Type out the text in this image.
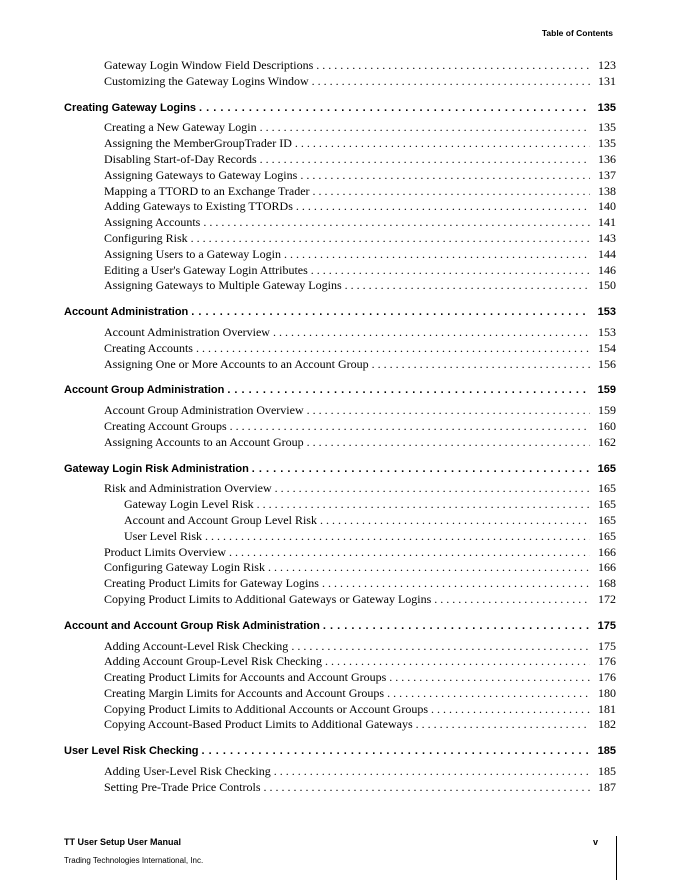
Table of Contents
Gateway Login Window Field Descriptions . . .	123
Customizing the Gateway Logins Window . . .	131
Creating Gateway Logins . . .	135
Creating a New Gateway Login . . .	135
Assigning the MemberGroupTrader ID . . .	135
Disabling Start-of-Day Records . . .	136
Assigning Gateways to Gateway Logins . . .	137
Mapping a TTORD to an Exchange Trader . . .	138
Adding Gateways to Existing TTORDs . . .	140
Assigning Accounts . . .	141
Configuring Risk . . .	143
Assigning Users to a Gateway Login . . .	144
Editing a User's Gateway Login Attributes . . .	146
Assigning Gateways to Multiple Gateway Logins . . .	150
Account Administration . . .	153
Account Administration Overview . . .	153
Creating Accounts . . .	154
Assigning One or More Accounts to an Account Group . . .	156
Account Group Administration . . .	159
Account Group Administration Overview . . .	159
Creating Account Groups . . .	160
Assigning Accounts to an Account Group . . .	162
Gateway Login Risk Administration . . .	165
Risk and Administration Overview . . .	165
Gateway Login Level Risk . . .	165
Account and Account Group Level Risk . . .	165
User Level Risk . . .	165
Product Limits Overview . . .	166
Configuring Gateway Login Risk . . .	166
Creating Product Limits for Gateway Logins . . .	168
Copying Product Limits to Additional Gateways or Gateway Logins . . .	172
Account and Account Group Risk Administration . . .	175
Adding Account-Level Risk Checking . . .	175
Adding Account Group-Level Risk Checking . . .	176
Creating Product Limits for Accounts and Account Groups . . .	176
Creating Margin Limits for Accounts and Account Groups . . .	180
Copying Product Limits to Additional Accounts or Account Groups . . .	181
Copying Account-Based Product Limits to Additional Gateways . . .	182
User Level Risk Checking . . .	185
Adding User-Level Risk Checking . . .	185
Setting Pre-Trade Price Controls . . .	187
TT User Setup User Manual
Trading Technologies International, Inc.
v
